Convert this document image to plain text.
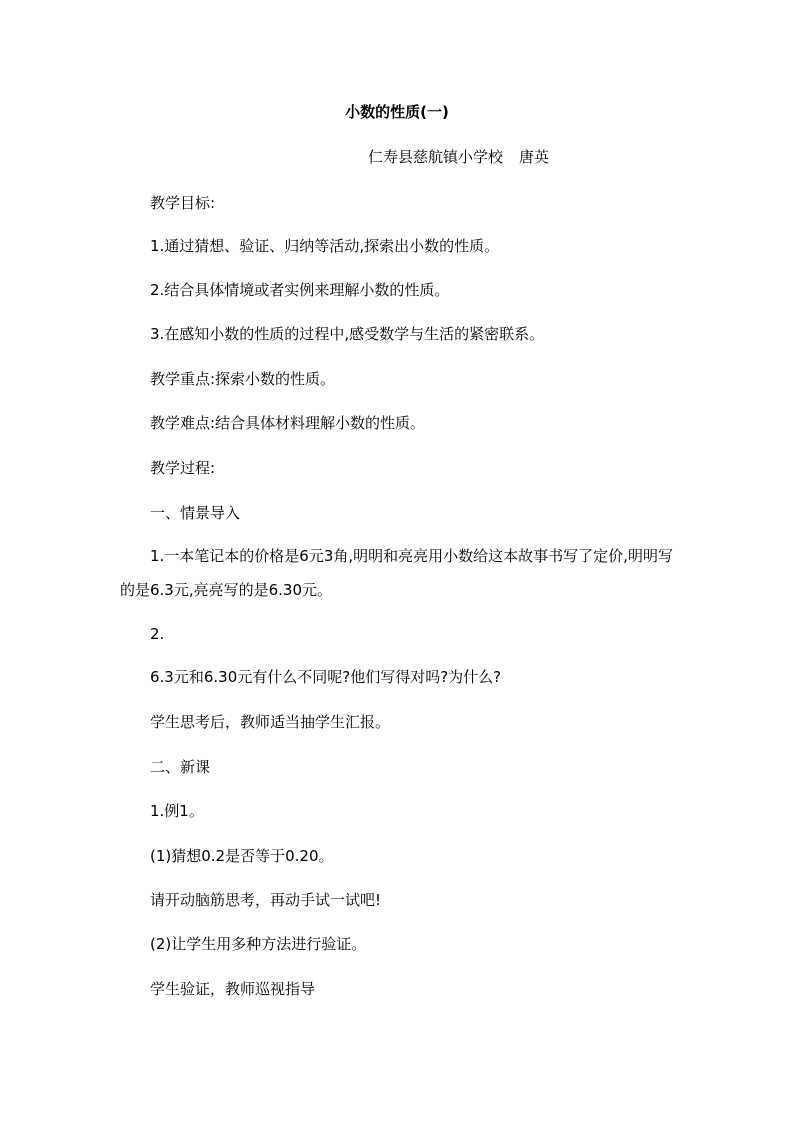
小数的性质(一)
仁寿县慈航镇小学校 唐英
教学目标:
1.通过猜想、验证、归纳等活动,探索出小数的性质。
2.结合具体情境或者实例来理解小数的性质。
3.在感知小数的性质的过程中,感受数学与生活的紧密联系。
教学重点:探索小数的性质。
教学难点:结合具体材料理解小数的性质。
教学过程:
一、情景导入
1.一本笔记本的价格是6元3角,明明和亮亮用小数给这本故事书写了定价,明明写的是6.3元,亮亮写的是6.30元。
2.
6.3元和6.30元有什么不同呢?他们写得对吗?为什么?
学生思考后，教师适当抽学生汇报。
二、新课
1.例1。
(1)猜想0.2是否等于0.20。
请开动脑筋思考，再动手试一试吧!
(2)让学生用多种方法进行验证。
学生验证，教师巡视指导
